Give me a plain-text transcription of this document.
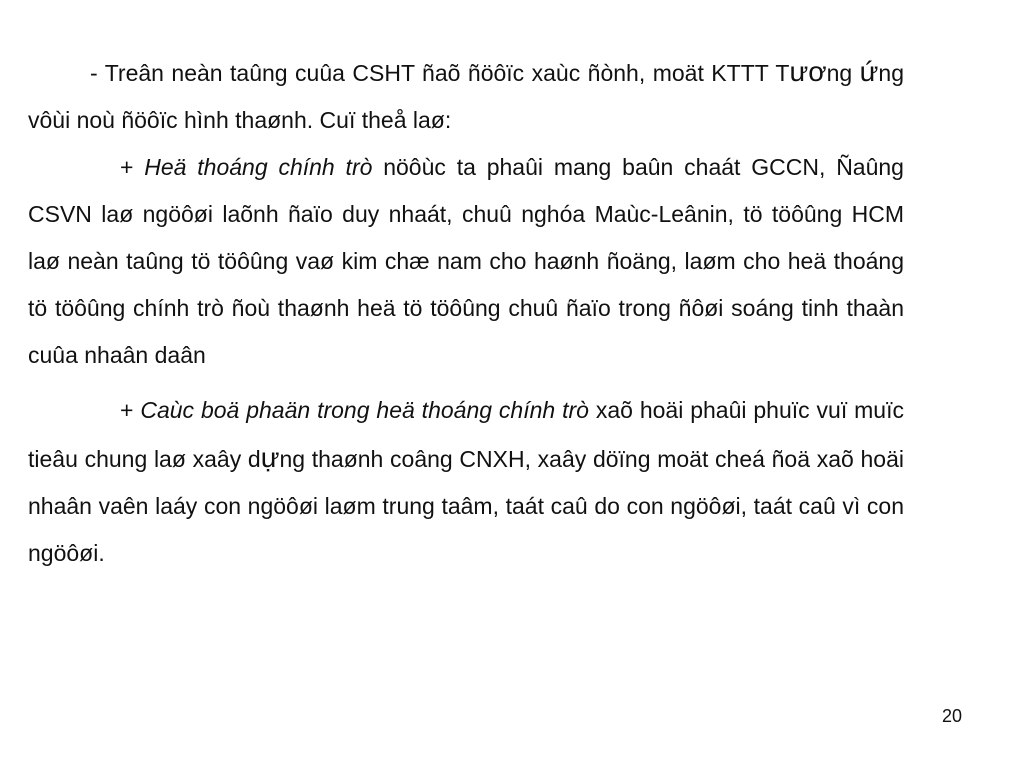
- Treân neàn taûng cuûa CSHT ñaõ ñöôïc xaùc ñònh, moät KTTT Tương ứng vôùi noù ñöôïc hình thaønh. Cuï theå laø:

+ Heä thoáng chính trò nöôùc ta phaûi mang baûn chaát GCCN, Ñaûng CSVN laø ngöôøi laõnh ñaïo duy nhaát, chuû nghóa Maùc-Leânin, tö töôûng HCM laø neàn taûng tö töôûng vaø kim chæ nam cho haønh ñoäng, laøm cho heä thoáng tö töôûng chính trò ñoù thaønh heä tö töôûng chuû ñaïo trong ñôøi soáng tinh thaàn cuûa nhaân daân

+ Caùc boä phaän trong heä thoáng chính trò xaõ hoäi phaûi phuïc vuï muïc tieâu chung laø xaây dựng thaønh coâng CNXH, xaây döïng moät cheá ñoä xaõ hoäi nhaân vaên laáy con ngöôøi laøm trung taâm, taát caû do con ngöôøi, taát caû vì con ngöôøi.

20
